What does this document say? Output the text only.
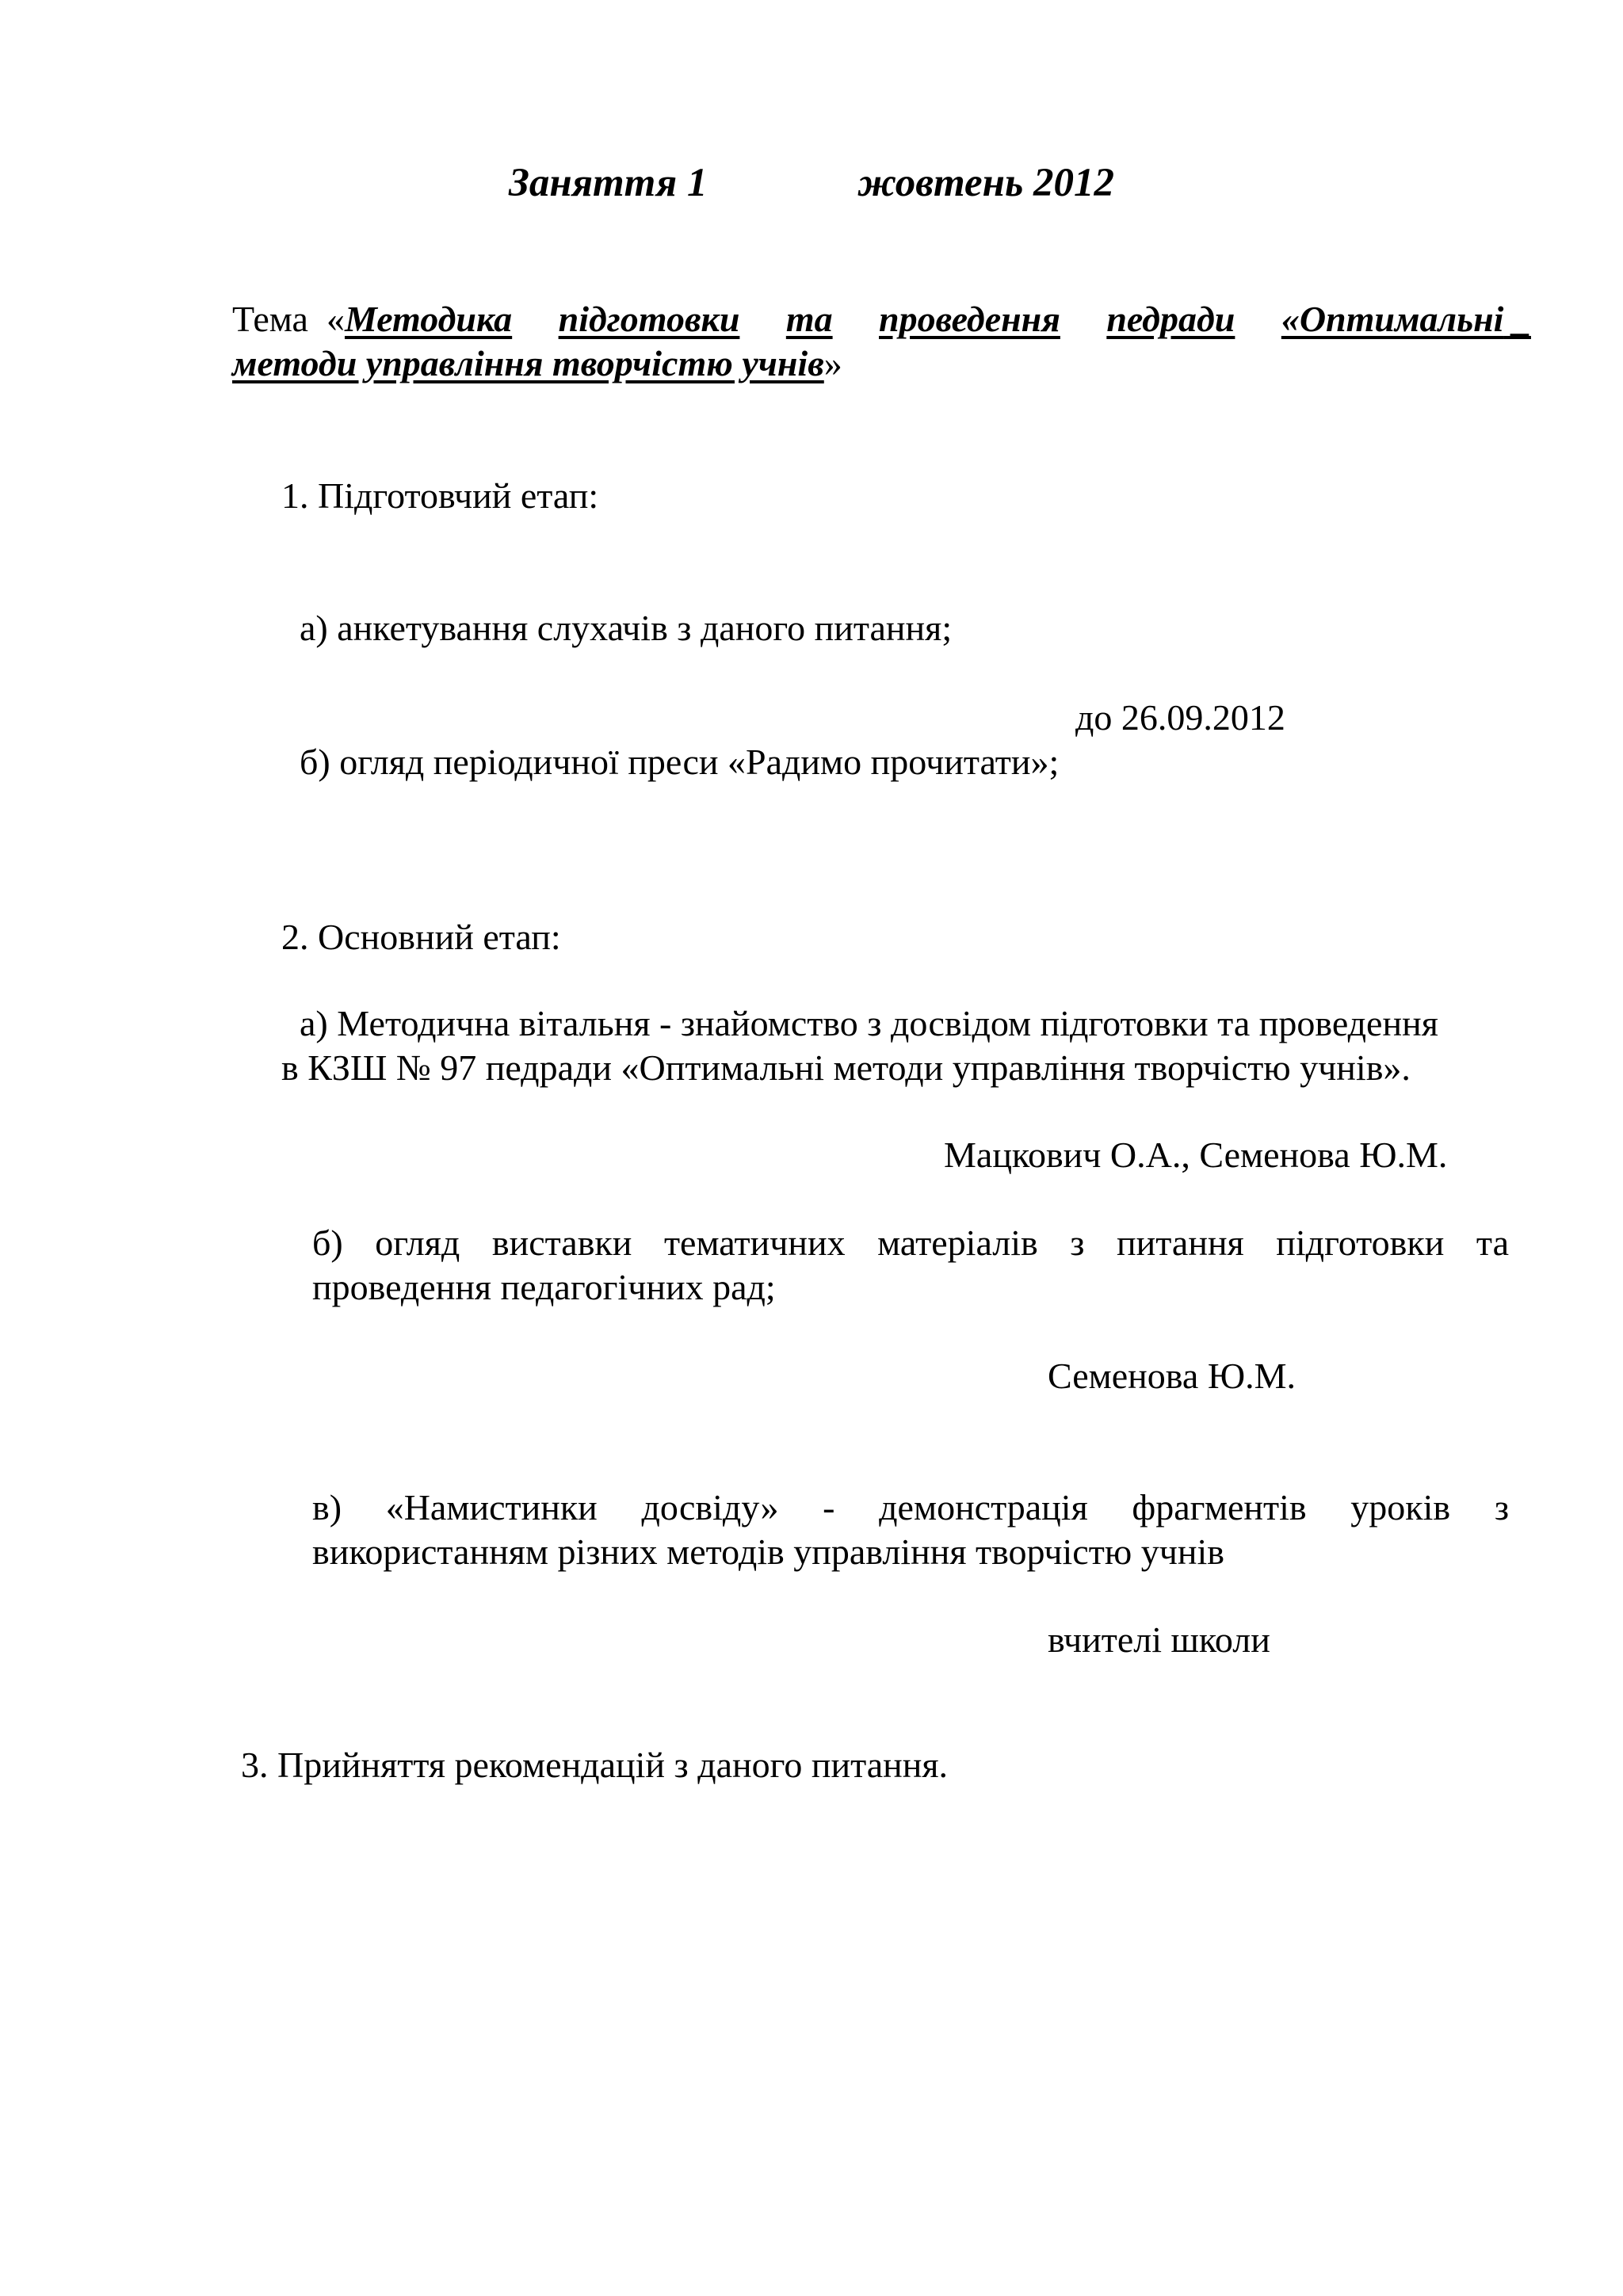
Заняття 1	жовтень 2012
Тема «Методика підготовки та проведення педради «Оптимальні _
методи управління творчістю учнів»
1. Підготовчий етап:
а) анкетування слухачів з даного питання;
до 26.09.2012
б) огляд періодичної преси «Радимо прочитати»;
2. Основний етап:
а) Методична вітальня - знайомство з досвідом підготовки та проведення
в КЗШ № 97 педради «Оптимальні методи управління творчістю учнів».
Мацкович О.А., Семенова Ю.М.
б) огляд виставки тематичних матеріалів з питання підготовки та
проведення педагогічних рад;
Семенова Ю.М.
в) «Намистинки досвіду» - демонстрація фрагментів уроків з
використанням різних методів управління творчістю учнів
вчителі школи
3. Прийняття рекомендацій з даного питання.
